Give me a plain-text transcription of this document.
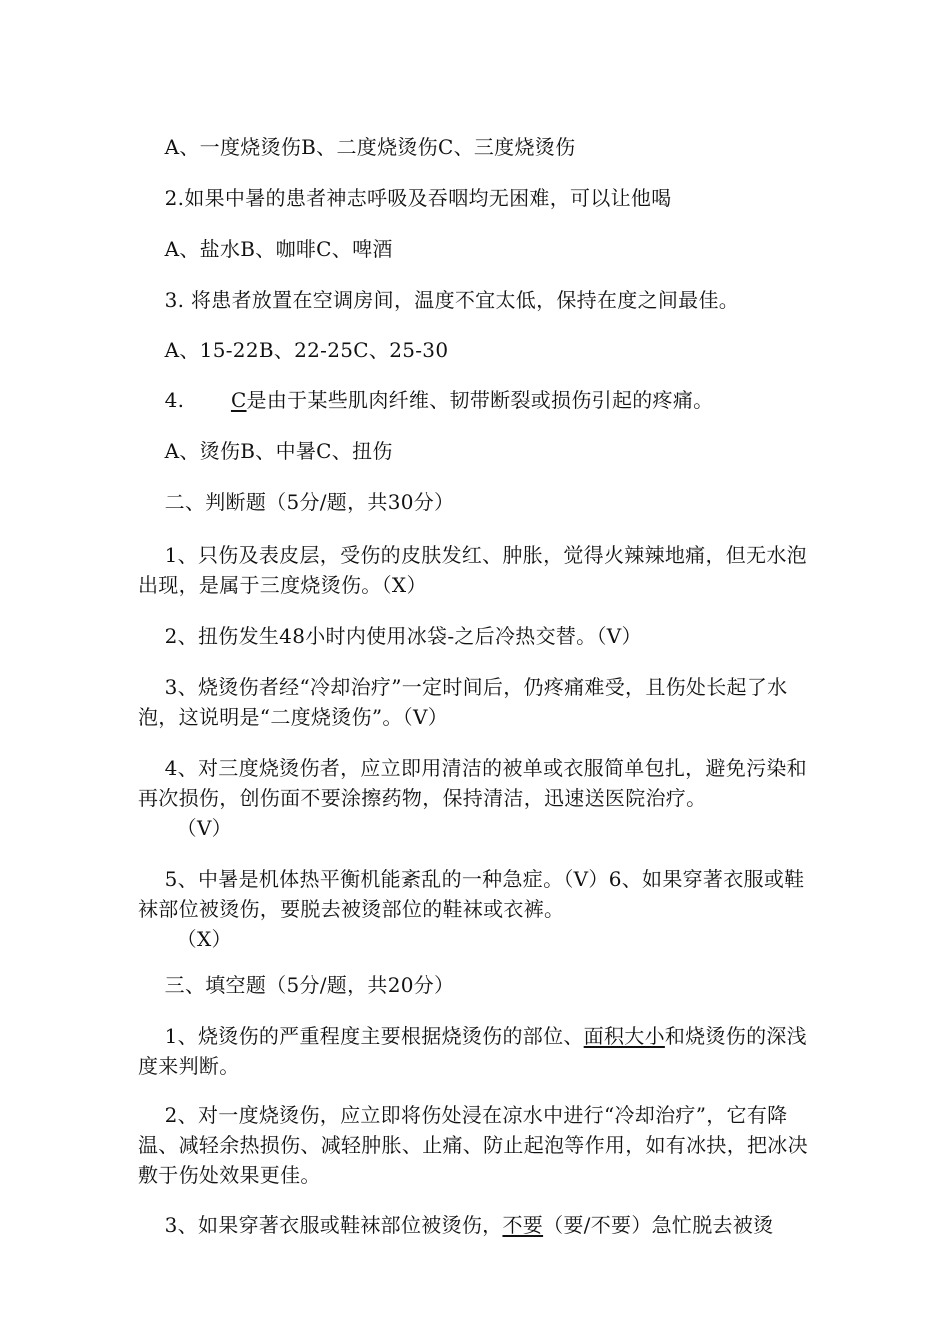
A、一度烧烫伤B、二度烧烫伤C、三度烧烫伤

2.如果中暑的患者神志呼吸及吞咽均无困难，可以让他喝

A、盐水B、咖啡C、啤酒

3. 将患者放置在空调房间，温度不宜太低，保持在度之间最佳。

A、15-22B、22-25C、25-30

4.       C是由于某些肌肉纤维、韧带断裂或损伤引起的疼痛。

A、烫伤B、中暑C、扭伤

二、判断题（5分/题，共30分）

1、只伤及表皮层，受伤的皮肤发红、肿胀，觉得火辣辣地痛，但无水泡出现，是属于三度烧烫伤。（X）

2、扭伤发生48小时内使用冰袋-之后冷热交替。（V）

3、烧烫伤者经“冷却治疗”一定时间后，仍疼痛难受，且伤处长起了水泡，这说明是“二度烧烫伤”。（V）

4、对三度烧烫伤者，应立即用清洁的被单或衣服简单包扎，避免污染和再次损伤，创伤面不要涂擦药物，保持清洁，迅速送医院治疗。

（V）

5、中暑是机体热平衡机能紊乱的一种急症。（V）6、如果穿著衣服或鞋袜部位被烫伤，要脱去被烫部位的鞋袜或衣裤。

（X）

三、填空题（5分/题，共20分）

1、烧烫伤的严重程度主要根据烧烫伤的部位、面积大小和烧烫伤的深浅度来判断。

2、对一度烧烫伤，应立即将伤处浸在凉水中进行“冷却治疗”，它有降温、减轻余热损伤、减轻肿胀、止痛、防止起泡等作用，如有冰抉，把冰决敷于伤处效果更佳。

3、如果穿著衣服或鞋袜部位被烫伤，不要（要/不要）急忙脱去被烫
